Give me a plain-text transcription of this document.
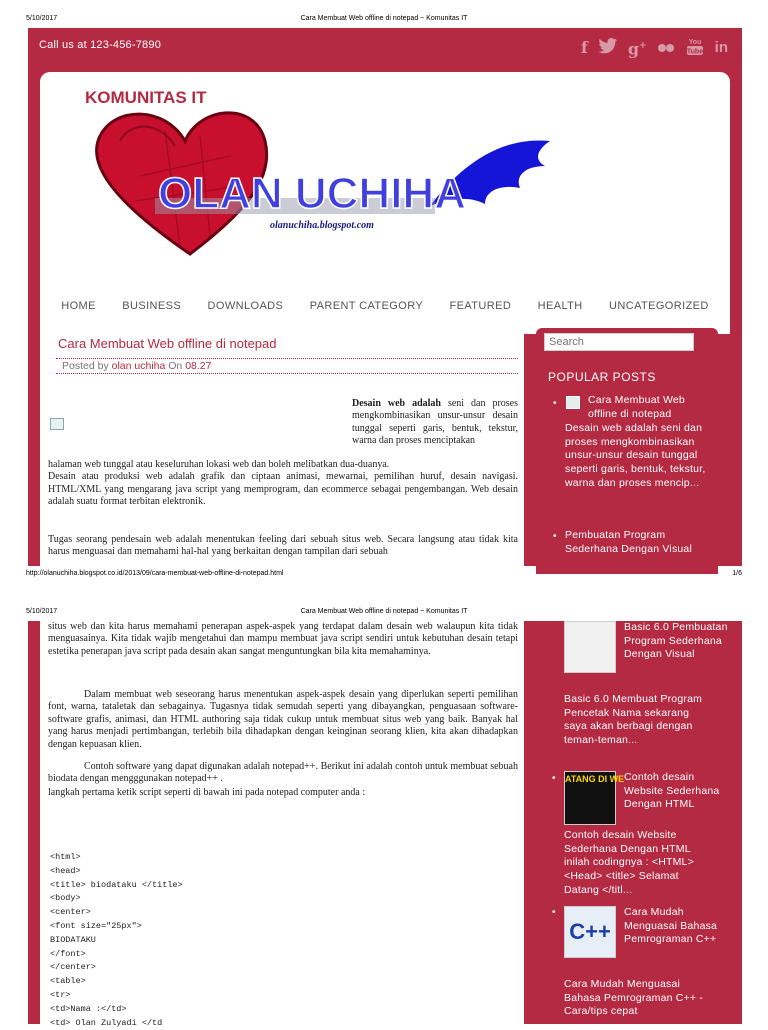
5/10/2017	Cara Membuat Web offline di notepad ~ Komunitas IT
Call us at 123-456-7890	f	g+	You
Tube in
OLAN UCHIHA
olanuchiha.blogspot.com
KOMUNITAS IT
HOME BUSINESS DOWNLOADS PARENT CATEGORY FEATURED HEALTH UNCATEGORIZED
Cara Membuat Web offline di notepad
Posted by olan uchiha On 08.27
Desain web adalah seni dan proses mengkombinasikan unsur-unsur desain tunggal seperti garis, bentuk, tekstur, warna dan proses menciptakan
halaman web tunggal atau keseluruhan lokasi web dan boleh melibatkan dua-duanya.
Desain atau produksi web adalah grafik dan ciptaan animasi, mewarnai, pemilihan huruf, desain navigasi. HTML/XML yang mengarang java script yang memprogram, dan ecommerce sebagai pengembangan. Web desain adalah suatu format terbitan elektronik.
Tugas seorang pendesain web adalah menentukan feeling dari sebuah situs web. Secara langsung atau tidak kita harus menguasai dan memahami hal-hal yang berkaitan dengan tampilan dari sebuah
Search
POPULAR POSTS
•	Cara Membuat Web offline di notepad
Desain web adalah seni dan proses mengkombinasikan unsur-unsur desain tunggal seperti garis, bentuk, tekstur, warna dan proses mencip...
• Pembuatan Program Sederhana Dengan Visual
http://olanuchiha.blogspot.co.id/2013/09/cara-membuat-web-offline-di-notepad.html	1/6
5/10/2017	Cara Membuat Web offline di notepad ~ Komunitas IT
situs web dan kita harus memahami penerapan aspek-aspek yang terdapat dalam desain web walaupun kita tidak menguasainya. Kita tidak wajib mengetahui dan mampu membuat java script sendiri untuk kebutuhan desain tetapi estetika penerapan java script pada desain akan sangat menguntungkan bila kita memahaminya.
Dalam membuat web seseorang harus menentukan aspek-aspek desain yang diperlukan seperti pemilihan font, warna, tataletak dan sebagainya. Tugasnya tidak semudah seperti yang dibayangkan, penguasaan software-software grafis, animasi, dan HTML authoring saja tidak cukup untuk membuat situs web yang baik. Banyak hal yang harus menjadi pertimbangan, terlebih bila dihadapkan dengan keinginan seorang klien, kita akan dihadapkan dengan kepuasan klien.
Contoh software yang dapat digunakan adalah notepad++. Berikut ini adalah contoh untuk membuat sebuah biodata dengan mengggunakan notepad++ .
langkah pertama ketik script seperti di bawah ini pada notepad computer anda :
<html>
<head>
<title> biodataku </title>
<body>
<center>
<font size="25px">
BIODATAKU
</font>
</center>
<table>
<tr>
<td>Nama :</td>
<td> Olan Zulyadi </td
Basic 6.0 Pembuatan Program Sederhana Dengan Visual
Basic 6.0 Membuat Program Pencetak Nama sekarang saya akan berbagi dengan teman-teman...
• ATANG DI WE Contoh desain Website Sederhana Dengan HTML
Contoh desain Website Sederhana Dengan HTML inilah codingnya : <HTML> <Head> <title> Selamat Datang </titl...
•
C++
Cara Mudah Menguasai Bahasa Pemrograman C++
Cara Mudah Menguasai Bahasa Pemrograman C++ - Cara/tips cepat
